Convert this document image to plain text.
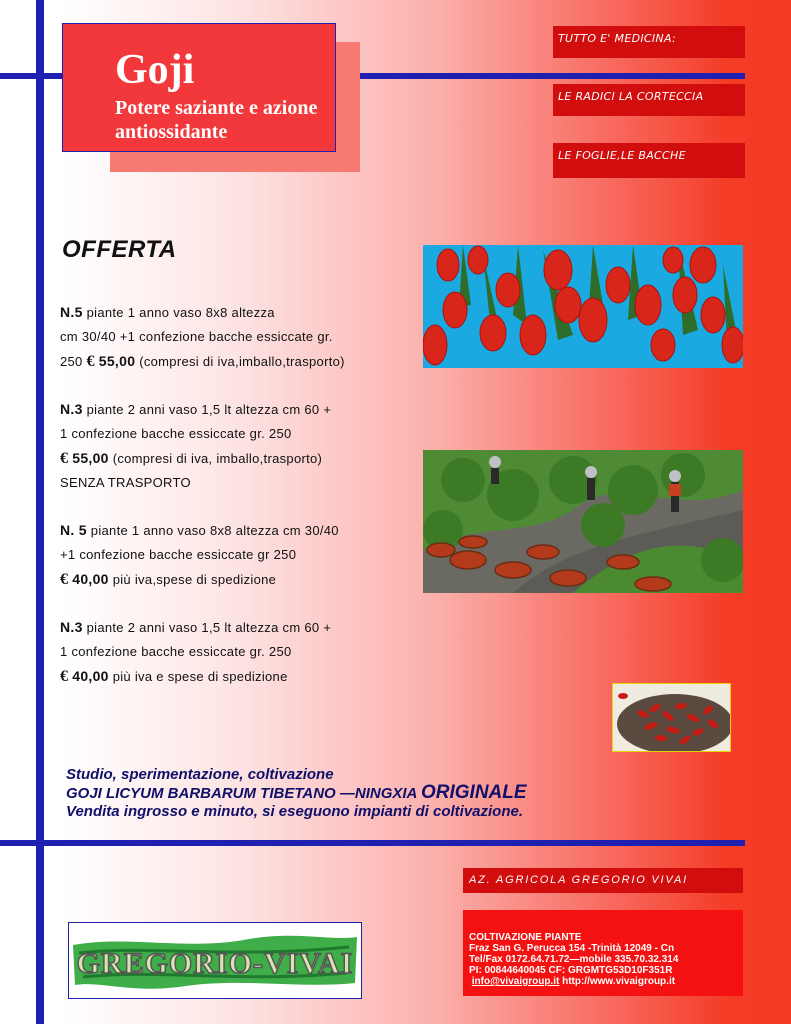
Goji
Potere saziante e azione antiossidante
TUTTO E' MEDICINA:
LE RADICI LA CORTECCIA
LE FOGLIE,LE BACCHE
OFFERTA
N.5 piante 1 anno vaso 8x8 altezza
cm 30/40 +1 confezione bacche essiccate gr.
250 € 55,00 (compresi di iva,imballo,trasporto)
N.3 piante 2 anni vaso 1,5 lt altezza cm 60 +
1 confezione bacche essiccate gr. 250
€ 55,00 (compresi di iva, imballo,trasporto)
SENZA TRASPORTO
N. 5 piante 1 anno vaso 8x8 altezza cm 30/40
+1 confezione bacche essiccate gr 250
€ 40,00 più iva,spese di spedizione
N.3 piante 2 anni vaso 1,5 lt altezza cm 60 +
1 confezione bacche essiccate gr. 250
€ 40,00 più iva e spese di spedizione
Studio, sperimentazione, coltivazione
GOJI LICYUM BARBARUM TIBETANO —NINGXIA ORIGINALE
Vendita ingrosso e minuto, si eseguono impianti di coltivazione.
AZ. AGRICOLA GREGORIO VIVAI
COLTIVAZIONE PIANTE
Fraz San G. Perucca 154 -Trinità 12049 - Cn
Tel/Fax 0172.64.71.72—mobile 335.70.32.314
PI: 00844640045 CF: GRGMTG53D10F351R
info@vivaigroup.it http://www.vivaigroup.it
GREGORIO-VIVAI
